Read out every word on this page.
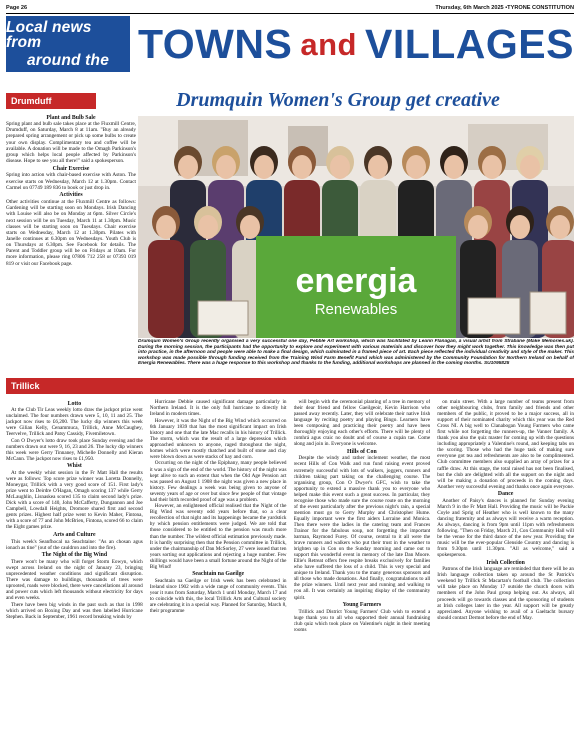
Page 26	Thursday, 6th March 2025 •TYRONE CONSTITUTION
Local news from
around the TOWNS and VILLAGES
Drumduff	Drumquin Women's Group get creative
Plant and Bulb Sale

Spring plant and bulb sale takes place at the Fluxmill Centre, Drumduff, on Saturday, March 8 at 11am. "Buy an already prepared spring arrangement or pick up some bulbs to create your own display. Complimentary tea and coffee will be available. A donation will be made to the Omagh Parkinson's group which helps local people affected by Parkinson's disease. Hope to see you all there!" said a spokesperson.

Chair Exercise

Spring into action with chair-based exercise with Aston. The exercise starts on Wednesday, March 12 at 1.30pm. Contact Carmel on 07749 189 836 to book or just drop in.

Activities

Other activities continue at the Fluxmill Centre as follows: Gardening will be starting soon on Mondays. Irish Dancing with Louise will also be on Monday at 6pm. Silver Circle's next session will be on Tuesday, March 11 at 1.30pm. Music classes will be starting soon on Tuesdays. Chair exercise starts on Wednesday, March 12 at 1.30pm. Pilates with Janelle continues at 6.30pm on Wednesdays. Youth Club is on Thursdays at 6.30pm. See Facebook for details. The Parent and Toddler group will be on Fridays at 10am. For more information, please ring 07806 712 258 or 07393 019 819 or visit our Facebook page.	energia
Renewables
Drumquin Women's Group recently organised a very successful one day, Pebble Art workshop, which was facilitated by Leann Flanagan, a visual artist from Strabane (Make Memories.uk). During the morning session, the participants had the opportunity to explore and experiment with various materials and discover how they might work together. This knowledge was then put into practice, in the afternoon and people were able to make a final design, which culminated in a framed piece of art. Each piece reflected the individual creativity and style of the maker. This workshop was made possible through funding received from the Training Wind Farm Benefit Fund which was administered by the Community Foundation for Northern Ireland on behalf of Energia Renewables. There was a huge response to this workshop and thanks to the funding, additional workshops are planned in the coming months. SU1095825
Trillick
Lotto

At the Club Tir Leas weekly lotto draw the jackpot prize went unclaimed. The four numbers drawn were 5, 10, 11 and 25. The jackpot now rises to £6,200. The lucky dip winners this week were Gilian Kelly, Cenammuca, Trillick, Anne McCaughey, Teervelve, Trillick and Patsy Cassidy, Fivemiletown.

Con O Dwyer's lotto draw took place Sunday evening and the numbers drawn out were 9, 16, 23 and 26. The lucky dip winners this week were Gerry Tinnaney, Michelle Donnelly and Kieran McCann. The jackpot now rises to £1,950.

Whist

At the weekly whist session in the Fr Matt Hall the results were as follows: Top score prize winner was Loretta Donnelly, Moneygar, Trillick with a very good score of 151. First lady's prize went to Deirdre O'Hagan, Omagh scoring 137 while Gerry McLaughlin, Lisnaskea scored 135 to claim second lady's prize. Dick with a score of 140, John McCafferty, Dungannon and Joe Campbell, Lowdall Heights, Dromore shared first and second gents prizes. Highest half prize went to Kevin Maher, Fintona, with a score of 77 and John McBrien, Fintona, scored 66 to claim the Eight games prize.

Arts and Culture

This week's Seanfhocal na Seachtaine: "As an chosan agus ionach as tine" (out of the cauldron and into the fire).

The Night of the Big Wind

There won't be many who will forget Storm Eowyn, which swept across Ireland on the night of January 23, bringing unprecedented weather conditions and significant disruption. There was damage to buildings, thousands of trees were uprooted, roads were blocked, there were cancellations all around and power cuts which left thousands without electricity for days and even weeks.

There have been big winds in the past such as that in 1998 which arrived on Boxing Day and was then labelled Hurricane Stephen. Back in September, 1961 record breaking winds by

Hurricane Debbie caused significant damage particularly in Northern Ireland. It is the only full hurricane to directly hit Ireland in modern times.

However, it was the Night of the Big Wind which occurred on 6th January 1839 that has the most significant impact on Irish history and one that the late Mac recalls in his history of Trillick. The storm, which was the result of a large depression which approached unknown to anyone, raged throughout the night, homes which were mostly thatched and built of stone and clay were blown down as were stacks of hay and corn.

Occurring on the night of the Epiphany, many people believed it was a sign of the end of the world. The history of the night was kept alive to such an extent that when the Old Age Pension act was passed on August 1 1908 the night was given a new place in history. Few dealings a week was being given to anyone of seventy years of age or over but since few people of that vintage had their birth recorded proof of age was a problem.

However, an enlightened official realised that the Night of the Big Wind was seventy odd years before that, so a clear recollection of that night and its happenings became the yardstick by which pension entitlements were judged. We are told that those considered to be entitled to the pension was much more than the number. The wildest official estimation previously made. It is hardly surprising then that the Pension committee in Trillick, under the chairmanship of Dan McSorley, 27 were issued that ten years sorting out applications and rejecting a huge number. Few shillings would have been a small fortune around the Night of the Big Wind!

Seachtain na Gaeilge

Seachtain na Gaeilge or Irish week has been celebrated in Ireland since 1902 with a wide range of community events. This year it runs from Saturday, March 1 until Monday, March 17 and to coincide with this, the local Trillick Arts and Cultural society are celebrating it in a special way. Planned for Saturday, March 8, their programme

will begin with the ceremonial planting of a tree in memory of their dear friend and fellow Gaeilgeoir, Kevin Harrison who passed away recently. Later, they will celebrate their native Irish language by reciting poetry and playing Bingo. Learners have been composing and practicing their poetry and have been thoroughly enjoying each other's efforts. There will be plenty of comhrá agus craic no doubt and of course a cupán tae. Come along and join in. Everyone is welcome.

Hills of Con

Despite the windy and rather inclement weather, the most recent Hills of Con Walk and run fund raising event proved extremely successful with lots of walkers, joggers, runners and children taking part taking on the challenging course. The organising group, Con O Dwyer's GFC, wish to take the opportunity to extend a massive thank you to everyone who helped make this event such a great success. In particular, they recognise those who made sure the course route on the morning of the event particularly after the previous night's rain, a special mention must go to Gerry Murphy and Christopher Hume. Equally important were the first aiders Lorraine and Monica. Then there were the ladies in the catering team and Frances Trainor for the fabulous soup, not forgetting the important barman, Raymond Furey. Of course, central to it all were the brave runners and walkers who put their trust in the weather to brighten up in Con on the Sunday morning and came out to support this wonderful event in memory of the late Dan Moore. Ellie's Retreat offers free respite breaks exclusively for families who have suffered the loss of a child. This is very special and unique to Ireland. Thank you to the many generous sponsors and all those who made donations. And finally, congratulations to all the prize winners. Until next year and running and walking to you all. It was certainly an inspiring display of the community spirit.

Young Farmers

Trillick and District Young Farmers' Club wish to extend a huge thank you to all who supported their annual fundraising club quiz which took place on Valentine's night in their meeting rooms

on main street. With a large number of teams present from other neighbouring clubs, from family and friends and other members of the public, it proved to be a major success, all in support of their nominated charity which this year was the Red Cross NI. A big well to Clanabogan Young Farmers who came first while not forgetting the runners-up, the Vanner family. A thank you also the quiz master for coming up with the questions including appropriately a Valentine's round, and keeping tabs on the scoring. Those who had the huge task of making sure everyone got tea and refreshments are also to be complimented. Club committee members also supplied an array of prizes for a raffle draw. At this stage, the total raised has not been finalised, but the club are delighted with all the support on the night and will be making a donation of proceeds in the coming days. Another very successful evening and thanks once again everyone.

Dance

Another of Paisy's dances is planned for Sunday evening March 9 in the Fr Matt Hall. Providing the music will be Packie Coyle and Sprig of Heather who is well known to the many dancing fraternity and as always will receive a warm reception. As always, dancing is from 9pm until 11pm with refreshments following. "Then on Friday, March 21, Con Community Hall will be the venue for the third dance of the new year. Providing the music will be the ever-popular Glenside Country and dancing is from 9.30pm until 11.30pm. "All as welcome," said a spokesperson.

Irish Collection

Patrons of the Irish language are reminded that there will be an Irish language collection taken up around the St Patrick's weekend by Trillick St Macartan's football club. The collection will take place on Monday 17 outside the church doors with members of the John Paul group helping out. As always, all proceeds will go towards classes and the sponsoring of students at Irish colleges later in the year. All support will be greatly appreciated. Anyone wishing to avail of a Gaeltacht bursary should contact Dermot before the end of May.
